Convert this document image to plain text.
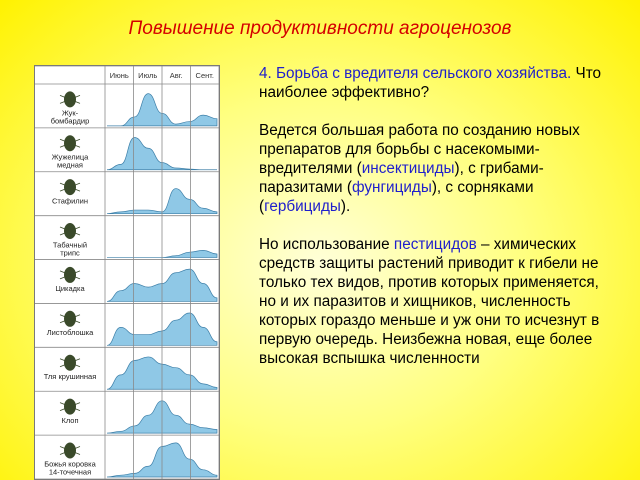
Повышение продуктивности агроценозов
Июнь Июль Авг. Сент.
Жук-
бомбардир
Жужелица
медная
Стафилин
Табачный
трипс
Цикадка
Листоблошка
Тля крушинная
Клоп
Божья коровка
14-точечная

4. Борьба с вредителя сельского хозяйства. Что наиболее эффективно?

Ведется большая работа по созданию новых препаратов для борьбы с насекомыми-вредителями (инсектициды), с грибами-паразитами (фунгициды), с сорняками (гербициды).

Но использование пестицидов – химических средств защиты растений приводит к гибели не только тех видов, против которых применяется, но и их паразитов и хищников, численность которых гораздо меньше и уж они то исчезнут в первую очередь. Неизбежна новая, еще более высокая вспышка численности
